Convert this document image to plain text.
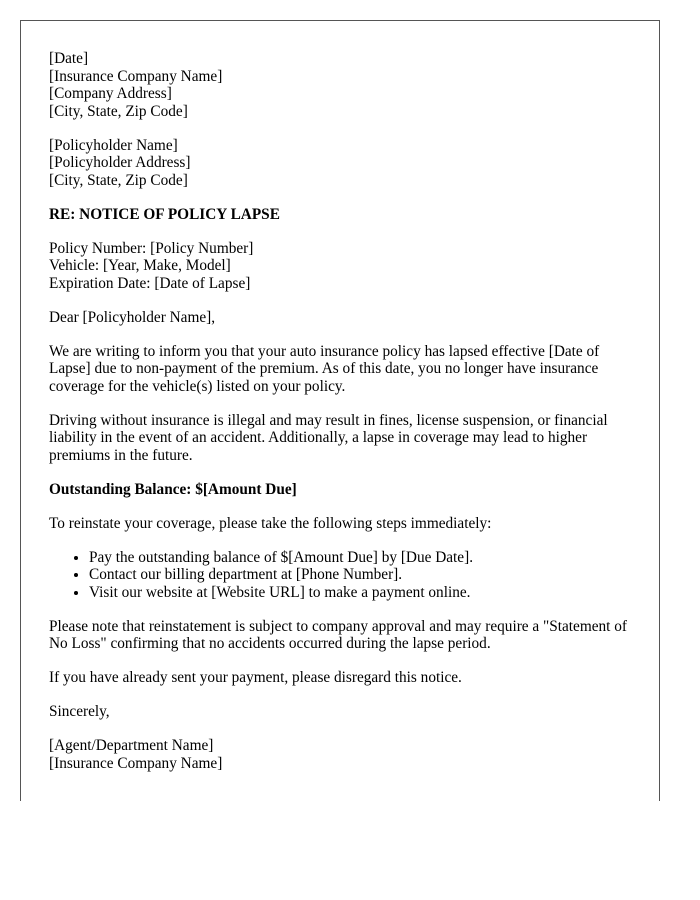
[Date]
[Insurance Company Name]
[Company Address]
[City, State, Zip Code]
[Policyholder Name]
[Policyholder Address]
[City, State, Zip Code]

RE: NOTICE OF POLICY LAPSE

Policy Number: [Policy Number]
Vehicle: [Year, Make, Model]
Expiration Date: [Date of Lapse]

Dear [Policyholder Name],

We are writing to inform you that your auto insurance policy has lapsed effective [Date of Lapse] due to non-payment of the premium. As of this date, you no longer have insurance coverage for the vehicle(s) listed on your policy.

Driving without insurance is illegal and may result in fines, license suspension, or financial liability in the event of an accident. Additionally, a lapse in coverage may lead to higher premiums in the future.

Outstanding Balance: $[Amount Due]

To reinstate your coverage, please take the following steps immediately:

• Pay the outstanding balance of $[Amount Due] by [Due Date].
• Contact our billing department at [Phone Number].
• Visit our website at [Website URL] to make a payment online.

Please note that reinstatement is subject to company approval and may require a "Statement of No Loss" confirming that no accidents occurred during the lapse period.

If you have already sent your payment, please disregard this notice.

Sincerely,

[Agent/Department Name]
[Insurance Company Name]
